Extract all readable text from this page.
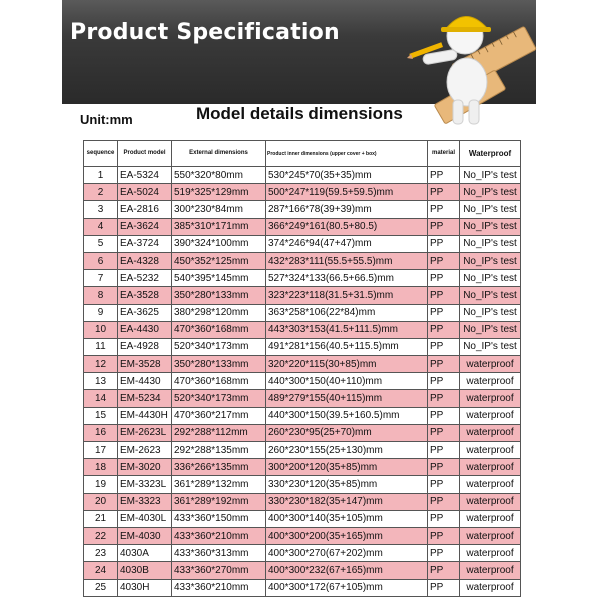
Product Specification
Unit:mm	Model details dimensions
sequence	Product model	External dimensions	Product inner dimensions (upper cover + box)	material	Waterproof
1	EA-5324	550*320*80mm	530*245*70(35+35)mm	PP	No_IP's test
2	EA-5024	519*325*129mm	500*247*119(59.5+59.5)mm	PP	No_IP's test
3	EA-2816	300*230*84mm	287*166*78(39+39)mm	PP	No_IP's test
4	EA-3624	385*310*171mm	366*249*161(80.5+80.5)	PP	No_IP's test
5	EA-3724	390*324*100mm	374*246*94(47+47)mm	PP	No_IP's test
6	EA-4328	450*352*125mm	432*283*111(55.5+55.5)mm	PP	No_IP's test
7	EA-5232	540*395*145mm	527*324*133(66.5+66.5)mm	PP	No_IP's test
8	EA-3528	350*280*133mm	323*223*118(31.5+31.5)mm	PP	No_IP's test
9	EA-3625	380*298*120mm	363*258*106(22*84)mm	PP	No_IP's test
10	EA-4430	470*360*168mm	443*303*153(41.5+111.5)mm	PP	No_IP's test
11	EA-4928	520*340*173mm	491*281*156(40.5+115.5)mm	PP	No_IP's test
12	EM-3528	350*280*133mm	320*220*115(30+85)mm	PP	waterproof
13	EM-4430	470*360*168mm	440*300*150(40+110)mm	PP	waterproof
14	EM-5234	520*340*173mm	489*279*155(40+115)mm	PP	waterproof
15	EM-4430H	470*360*217mm	440*300*150(39.5+160.5)mm	PP	waterproof
16	EM-2623L	292*288*112mm	260*230*95(25+70)mm	PP	waterproof
17	EM-2623	292*288*135mm	260*230*155(25+130)mm	PP	waterproof
18	EM-3020	336*266*135mm	300*200*120(35+85)mm	PP	waterproof
19	EM-3323L	361*289*132mm	330*230*120(35+85)mm	PP	waterproof
20	EM-3323	361*289*192mm	330*230*182(35+147)mm	PP	waterproof
21	EM-4030L	433*360*150mm	400*300*140(35+105)mm	PP	waterproof
22	EM-4030	433*360*210mm	400*300*200(35+165)mm	PP	waterproof
23	4030A	433*360*313mm	400*300*270(67+202)mm	PP	waterproof
24	4030B	433*360*270mm	400*300*232(67+165)mm	PP	waterproof
25	4030H	433*360*210mm	400*300*172(67+105)mm	PP	waterproof
